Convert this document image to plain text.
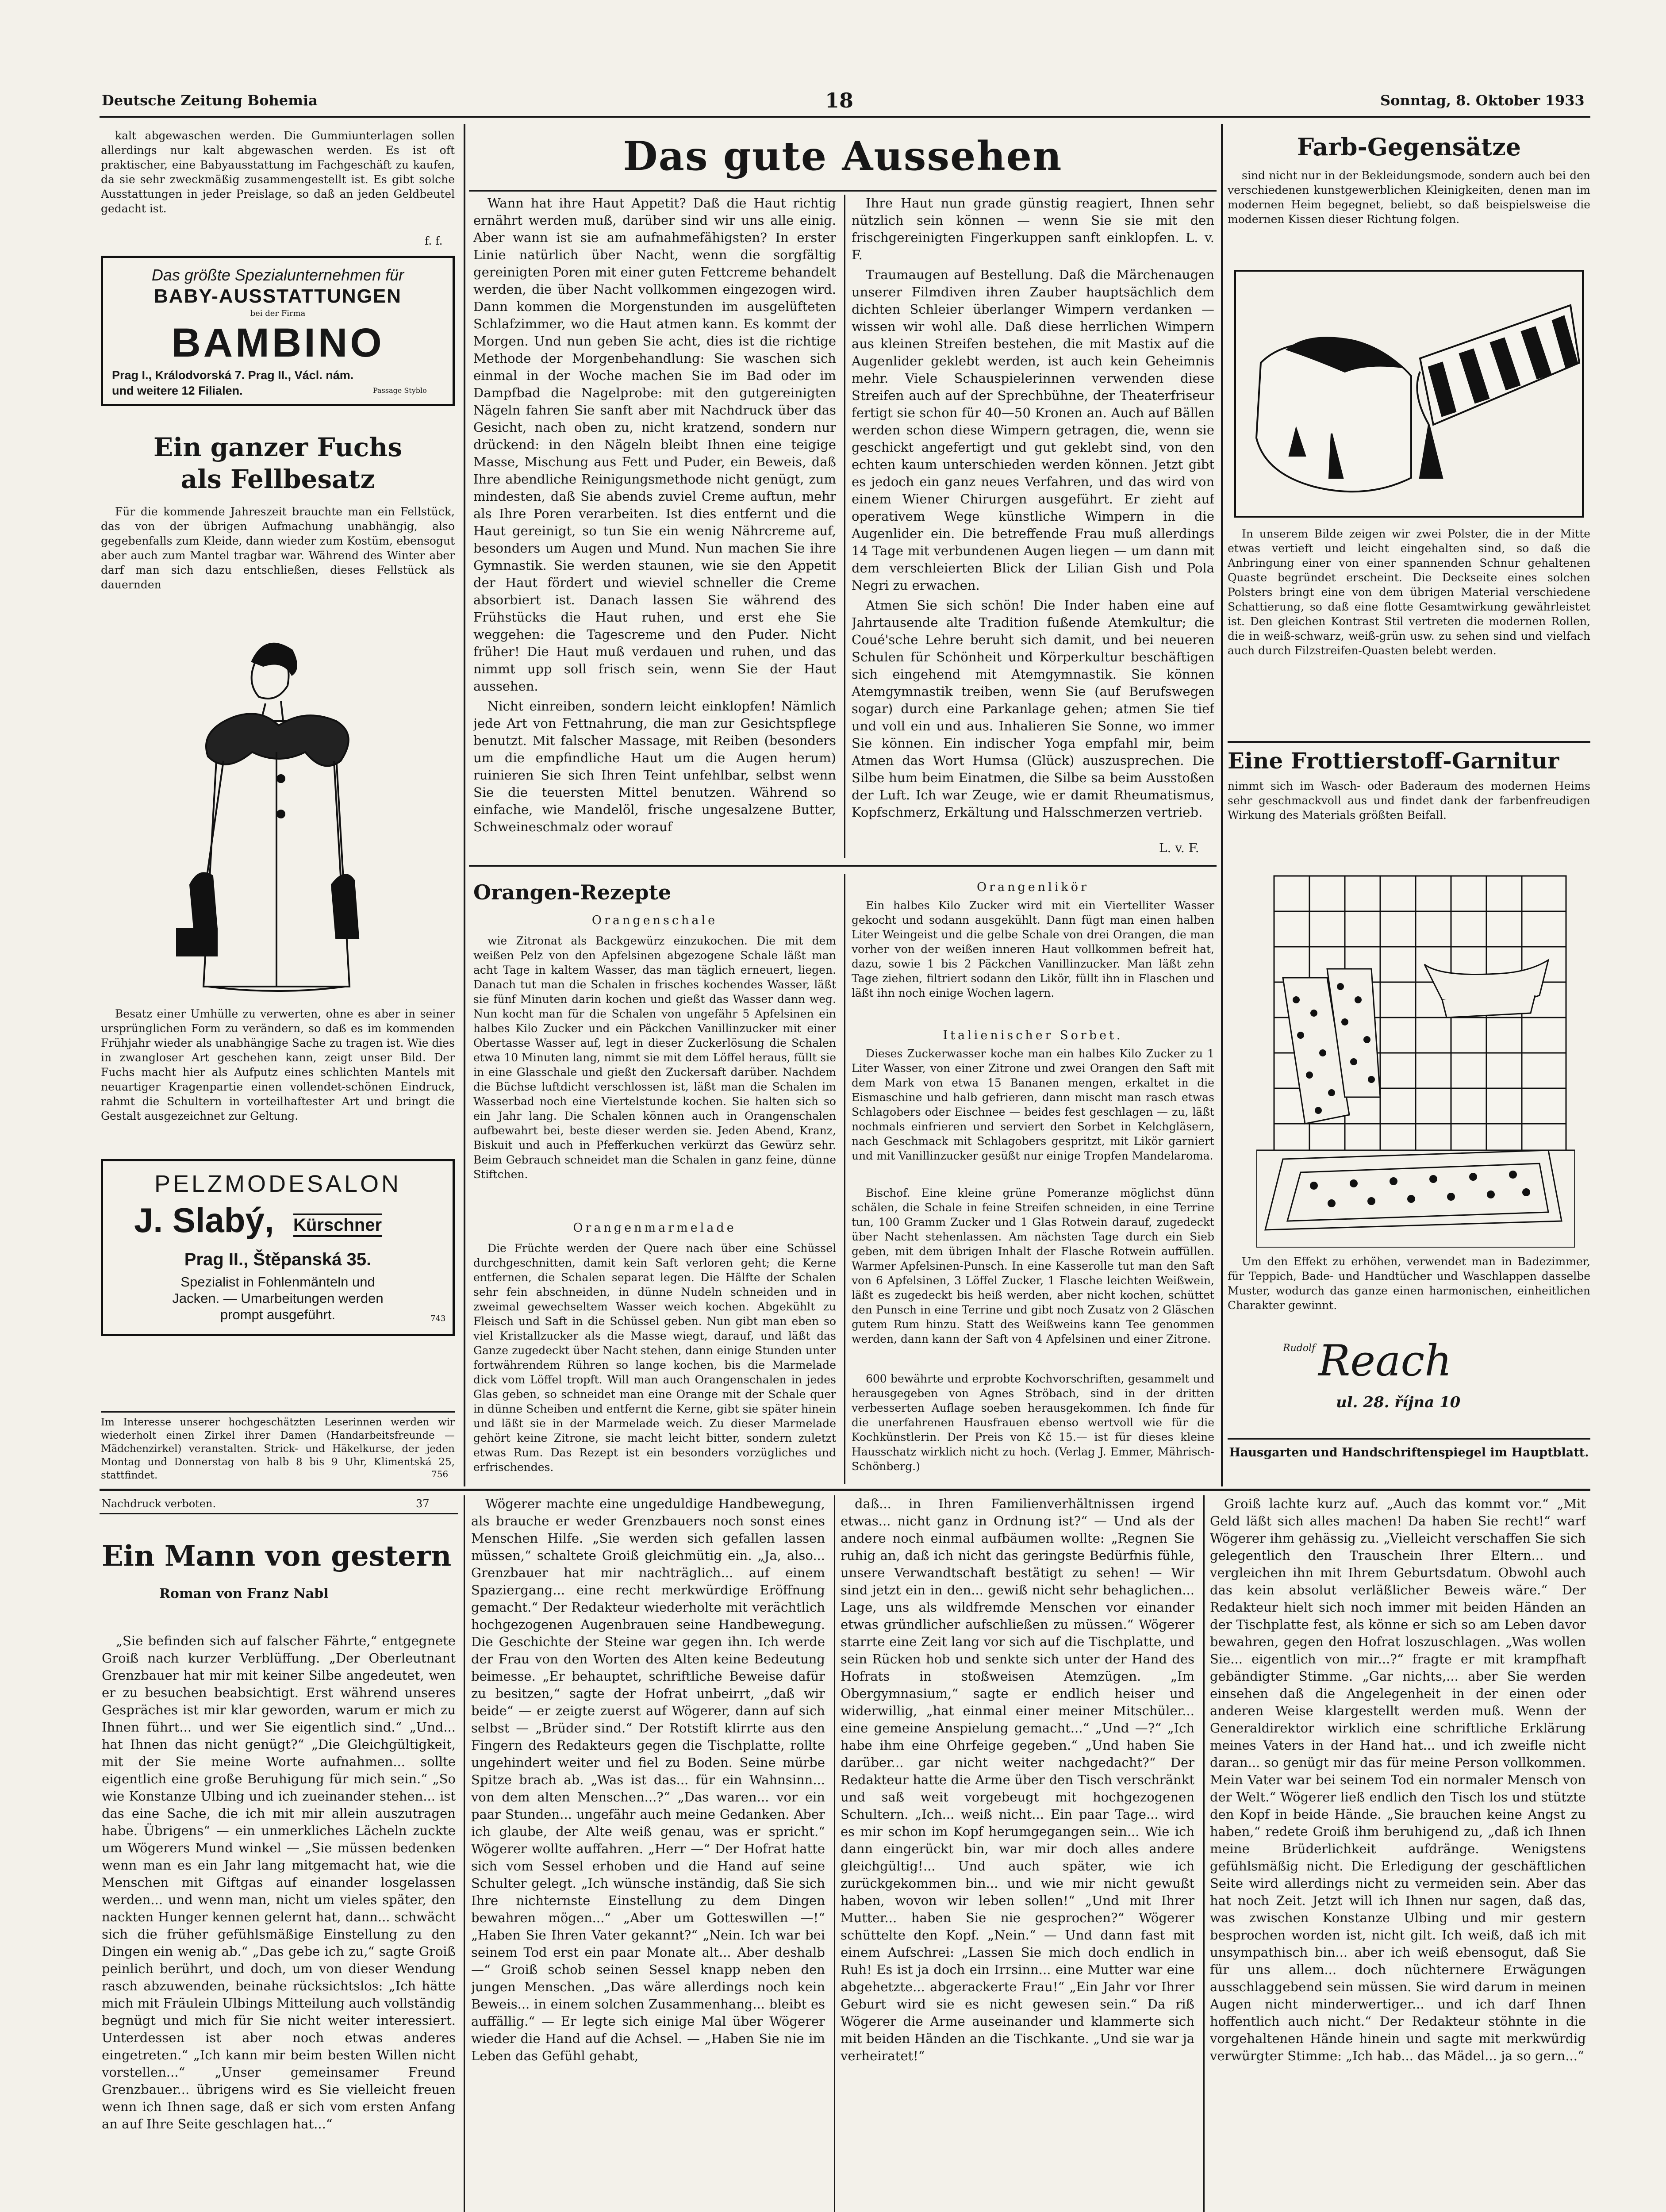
Deutsche Zeitung Bohemia	18	Sonntag, 8. Oktober 1933

kalt abgewaschen werden. Die Gummiunterlagen sollen allerdings nur kalt abgewaschen werden. Es ist oft praktischer, eine Babyausstattung im Fachgeschäft zu kaufen, da sie sehr zweckmäßig zusammengestellt ist. Es gibt solche Ausstattungen in jeder Preislage, so daß an jeden Geldbeutel gedacht ist.

f. f.
Das größte Spezialunternehmen für
BABY-AUSSTATTUNGEN
bei der Firma
BAMBINO
Prag I., Králodvorská 7. Prag II., Václ. nám.
und weitere 12 Filialen.	Passage Styblo
Ein ganzer Fuchs
als Fellbesatz

Für die kommende Jahreszeit brauchte man ein Fellstück, das von der übrigen Aufmachung unabhängig, also gegebenfalls zum Kleide, dann wieder zum Kostüm, ebensogut aber auch zum Mantel tragbar war. Während des Winter aber darf man sich dazu entschließen, dieses Fellstück als dauernden

Besatz einer Umhülle zu verwerten, ohne es aber in seiner ursprünglichen Form zu verändern, so daß es im kommenden Frühjahr wieder als unabhängige Sache zu tragen ist. Wie dies in zwangloser Art geschehen kann, zeigt unser Bild. Der Fuchs macht hier als Aufputz eines schlichten Mantels mit neuartiger Kragenpartie einen vollendet-schönen Eindruck, rahmt die Schultern in vorteilhaftester Art und bringt die Gestalt ausgezeichnet zur Geltung.

PELZMODESALON
J. Slabý, Kürschner
Prag II., Štěpanská 35.
Spezialist in Fohlenmänteln und
Jacken. — Umarbeitungen werden
prompt ausgeführt.	743

Im Interesse unserer hochgeschätzten Leserinnen werden wir wiederholt einen Zirkel ihrer Damen (Handarbeitsfreunde — Mädchenzirkel) veranstalten. Strick- und Häkelkurse, der jeden Montag und Donnerstag von halb 8 bis 9 Uhr, Klimentská 25, stattfindet.	756
Das gute Aussehen

Wann hat ihre Haut Appetit? Daß die Haut richtig ernährt werden muß, darüber sind wir uns alle einig. Aber wann ist sie am aufnahmefähigsten? In erster Linie natürlich über Nacht, wenn die sorgfältig gereinigten Poren mit einer guten Fettcreme behandelt werden, die über Nacht vollkommen eingezogen wird. Dann kommen die Morgenstunden im ausgelüfteten Schlafzimmer, wo die Haut atmen kann. Es kommt der Morgen. Und nun geben Sie acht, dies ist die richtige Methode der Morgenbehandlung: Sie waschen sich einmal in der Woche machen Sie im Bad oder im Dampfbad die Nagelprobe: mit den gutgereinigten Nägeln fahren Sie sanft aber mit Nachdruck über das Gesicht, nach oben zu, nicht kratzend, sondern nur drückend: in den Nägeln bleibt Ihnen eine teigige Masse, Mischung aus Fett und Puder, ein Beweis, daß Ihre abendliche Reinigungsmethode nicht genügt, zum mindesten, daß Sie abends zuviel Creme auftun, mehr als Ihre Poren verarbeiten. Ist dies entfernt und die Haut gereinigt, so tun Sie ein wenig Nährcreme auf, besonders um Augen und Mund. Nun machen Sie ihre Gymnastik. Sie werden staunen, wie sie den Appetit der Haut fördert und wieviel schneller die Creme absorbiert ist. Danach lassen Sie während des Frühstücks die Haut ruhen, und erst ehe Sie weggehen: die Tagescreme und den Puder. Nicht früher! Die Haut muß verdauen und ruhen, und das nimmt upp soll frisch sein, wenn Sie der Haut aussehen.

Nicht einreiben, sondern leicht einklopfen! Nämlich jede Art von Fettnahrung, die man zur Gesichtspflege benutzt. Mit falscher Massage, mit Reiben (besonders um die empfindliche Haut um die Augen herum) ruinieren Sie sich Ihren Teint unfehlbar, selbst wenn Sie die teuersten Mittel benutzen. Während so einfache, wie Mandelöl, frische ungesalzene Butter, Schweineschmalz oder worauf

Ihre Haut nun grade günstig reagiert, Ihnen sehr nützlich sein können — wenn Sie sie mit den frischgereinigten Fingerkuppen sanft einklopfen. L. v. F.

Traumaugen auf Bestellung. Daß die Märchenaugen unserer Filmdiven ihren Zauber hauptsächlich dem dichten Schleier überlanger Wimpern verdanken — wissen wir wohl alle. Daß diese herrlichen Wimpern aus kleinen Streifen bestehen, die mit Mastix auf die Augenlider geklebt werden, ist auch kein Geheimnis mehr. Viele Schauspielerinnen verwenden diese Streifen auch auf der Sprechbühne, der Theaterfriseur fertigt sie schon für 40—50 Kronen an. Auch auf Bällen werden schon diese Wimpern getragen, die, wenn sie geschickt angefertigt und gut geklebt sind, von den echten kaum unterschieden werden können. Jetzt gibt es jedoch ein ganz neues Verfahren, und das wird von einem Wiener Chirurgen ausgeführt. Er zieht auf operativem Wege künstliche Wimpern in die Augenlider ein. Die betreffende Frau muß allerdings 14 Tage mit verbundenen Augen liegen — um dann mit dem verschleierten Blick der Lilian Gish und Pola Negri zu erwachen.

Atmen Sie sich schön! Die Inder haben eine auf Jahrtausende alte Tradition fußende Atemkultur; die Coué'sche Lehre beruht sich damit, und bei neueren Schulen für Schönheit und Körperkultur beschäftigen sich eingehend mit Atemgymnastik. Sie können Atemgymnastik treiben, wenn Sie (auf Berufswegen sogar) durch eine Parkanlage gehen; atmen Sie tief und voll ein und aus. Inhalieren Sie Sonne, wo immer Sie können. Ein indischer Yoga empfahl mir, beim Atmen das Wort Humsa (Glück) auszusprechen. Die Silbe hum beim Einatmen, die Silbe sa beim Ausstoßen der Luft. Ich war Zeuge, wie er damit Rheumatismus, Kopfschmerz, Erkältung und Halsschmerzen vertrieb.

L. v. F.
Orangen-Rezepte
Orangenschale

wie Zitronat als Backgewürz einzukochen. Die mit dem weißen Pelz von den Apfelsinen abgezogene Schale läßt man acht Tage in kaltem Wasser, das man täglich erneuert, liegen. Danach tut man die Schalen in frisches kochendes Wasser, läßt sie fünf Minuten darin kochen und gießt das Wasser dann weg. Nun kocht man für die Schalen von ungefähr 5 Apfelsinen ein halbes Kilo Zucker und ein Päckchen Vanillinzucker mit einer Obertasse Wasser auf, legt in dieser Zuckerlösung die Schalen etwa 10 Minuten lang, nimmt sie mit dem Löffel heraus, füllt sie in eine Glasschale und gießt den Zuckersaft darüber. Nachdem die Büchse luftdicht verschlossen ist, läßt man die Schalen im Wasserbad noch eine Viertelstunde kochen. Sie halten sich so ein Jahr lang. Die Schalen können auch in Orangenschalen aufbewahrt bei, beste dieser werden sie. Jeden Abend, Kranz, Biskuit und auch in Pfefferkuchen verkürzt das Gewürz sehr. Beim Gebrauch schneidet man die Schalen in ganz feine, dünne Stiftchen.

Orangenmarmelade

Die Früchte werden der Quere nach über eine Schüssel durchgeschnitten, damit kein Saft verloren geht; die Kerne entfernen, die Schalen separat legen. Die Hälfte der Schalen sehr fein abschneiden, in dünne Nudeln schneiden und in zweimal gewechseltem Wasser weich kochen. Abgekühlt zu Fleisch und Saft in die Schüssel geben. Nun gibt man eben so viel Kristallzucker als die Masse wiegt, darauf, und läßt das Ganze zugedeckt über Nacht stehen, dann einige Stunden unter fortwährendem Rühren so lange kochen, bis die Marmelade dick vom Löffel tropft. Will man auch Orangenschalen in jedes Glas geben, so schneidet man eine Orange mit der Schale quer in dünne Scheiben und entfernt die Kerne, gibt sie später hinein und läßt sie in der Marmelade weich. Zu dieser Marmelade gehört keine Zitrone, sie macht leicht bitter, sondern zuletzt etwas Rum. Das Rezept ist ein besonders vorzügliches und erfrischendes.

Orangenlikör

Ein halbes Kilo Zucker wird mit ein Viertelliter Wasser gekocht und sodann ausgekühlt. Dann fügt man einen halben Liter Weingeist und die gelbe Schale von drei Orangen, die man vorher von der weißen inneren Haut vollkommen befreit hat, dazu, sowie 1 bis 2 Päckchen Vanillinzucker. Man läßt zehn Tage ziehen, filtriert sodann den Likör, füllt ihn in Flaschen und läßt ihn noch einige Wochen lagern.

Italienischer Sorbet.

Dieses Zuckerwasser koche man ein halbes Kilo Zucker zu 1 Liter Wasser, von einer Zitrone und zwei Orangen den Saft mit dem Mark von etwa 15 Bananen mengen, erkaltet in die Eismaschine und halb gefrieren, dann mischt man rasch etwas Schlagobers oder Eischnee — beides fest geschlagen — zu, läßt nochmals einfrieren und serviert den Sorbet in Kelchgläsern, nach Geschmack mit Schlagobers gespritzt, mit Likör garniert und mit Vanillinzucker gesüßt nur einige Tropfen Mandelaroma.

Bischof. Eine kleine grüne Pomeranze möglichst dünn schälen, die Schale in feine Streifen schneiden, in eine Terrine tun, 100 Gramm Zucker und 1 Glas Rotwein darauf, zugedeckt über Nacht stehenlassen. Am nächsten Tage durch ein Sieb geben, mit dem übrigen Inhalt der Flasche Rotwein auffüllen. Warmer Apfelsinen-Punsch. In eine Kasserolle tut man den Saft von 6 Apfelsinen, 3 Löffel Zucker, 1 Flasche leichten Weißwein, läßt es zugedeckt bis heiß werden, aber nicht kochen, schüttet den Punsch in eine Terrine und gibt noch Zusatz von 2 Gläschen gutem Rum hinzu. Statt des Weißweins kann Tee genommen werden, dann kann der Saft von 4 Apfelsinen und einer Zitrone.

600 bewährte und erprobte Kochvorschriften, gesammelt und herausgegeben von Agnes Ströbach, sind in der dritten verbesserten Auflage soeben herausgekommen. Ich finde für die unerfahrenen Hausfrauen ebenso wertvoll wie für die Kochkünstlerin. Der Preis von Kč 15.— ist für dieses kleine Hausschatz wirklich nicht zu hoch. (Verlag J. Emmer, Mährisch-Schönberg.)

Farb-Gegensätze

sind nicht nur in der Bekleidungsmode, sondern auch bei den verschiedenen kunstgewerblichen Kleinigkeiten, denen man im modernen Heim begegnet, beliebt, so daß beispielsweise die modernen Kissen dieser Richtung folgen.

In unserem Bilde zeigen wir zwei Polster, die in der Mitte etwas vertieft und leicht eingehalten sind, so daß die Anbringung einer von einer spannenden Schnur gehaltenen Quaste begründet erscheint. Die Deckseite eines solchen Polsters bringt eine von dem übrigen Material verschiedene Schattierung, so daß eine flotte Gesamtwirkung gewährleistet ist. Den gleichen Kontrast Stil vertreten die modernen Rollen, die in weiß-schwarz, weiß-grün usw. zu sehen sind und vielfach auch durch Filzstreifen-Quasten belebt werden.

Eine Frottierstoff-Garnitur

nimmt sich im Wasch- oder Baderaum des modernen Heims sehr geschmackvoll aus und findet dank der farbenfreudigen Wirkung des Materials größten Beifall.

Um den Effekt zu erhöhen, verwendet man in Badezimmer, für Teppich, Bade- und Handtücher und Waschlappen dasselbe Muster, wodurch das ganze einen harmonischen, einheitlichen Charakter gewinnt.

Rudolf Reach
ul. 28. října 10
Hausgarten und Handschriftenspiegel im Hauptblatt.
Nachdruck verboten.	37
Ein Mann von gestern
Roman von Franz Nabl

„Sie befinden sich auf falscher Fährte,“ entgegnete Groiß nach kurzer Verblüffung. „Der Oberleutnant Grenzbauer hat mir mit keiner Silbe angedeutet, wen er zu besuchen beabsichtigt. Erst während unseres Gespräches ist mir klar geworden, warum er mich zu Ihnen führt... und wer Sie eigentlich sind.“ „Und... hat Ihnen das nicht genügt?“ „Die Gleichgültigkeit, mit der Sie meine Worte aufnahmen... sollte eigentlich eine große Beruhigung für mich sein.“ „So wie Konstanze Ulbing und ich zueinander stehen... ist das eine Sache, die ich mit mir allein auszutragen habe. Übrigens“ — ein unmerkliches Lächeln zuckte um Wögerers Mund winkel — „Sie müssen bedenken wenn man es ein Jahr lang mitgemacht hat, wie die Menschen mit Giftgas auf einander losgelassen werden... und wenn man, nicht um vieles später, den nackten Hunger kennen gelernt hat, dann... schwächt sich die früher gefühlsmäßige Einstellung zu den Dingen ein wenig ab.“ „Das gebe ich zu,“ sagte Groiß peinlich berührt, und doch, um von dieser Wendung rasch abzuwenden, beinahe rücksichtslos: „Ich hätte mich mit Fräulein Ulbings Mitteilung auch vollständig begnügt und mich für Sie nicht weiter interessiert. Unterdessen ist aber noch etwas anderes eingetreten.“ „Ich kann mir beim besten Willen nicht vorstellen...“ „Unser gemeinsamer Freund Grenzbauer... übrigens wird es Sie vielleicht freuen wenn ich Ihnen sage, daß er sich vom ersten Anfang an auf Ihre Seite geschlagen hat...“

Wögerer machte eine ungeduldige Handbewegung, als brauche er weder Grenzbauers noch sonst eines Menschen Hilfe. „Sie werden sich gefallen lassen müssen,“ schaltete Groiß gleichmütig ein. „Ja, also... Grenzbauer hat mir nachträglich... auf einem Spaziergang... eine recht merkwürdige Eröffnung gemacht.“ Der Redakteur wiederholte mit verächtlich hochgezogenen Augenbrauen seine Handbewegung. Die Geschichte der Steine war gegen ihn. Ich werde der Frau von den Worten des Alten keine Bedeutung beimesse. „Er behauptet, schriftliche Beweise dafür zu besitzen,“ sagte der Hofrat unbeirrt, „daß wir beide“ — er zeigte zuerst auf Wögerer, dann auf sich selbst — „Brüder sind.“ Der Rotstift klirrte aus den Fingern des Redakteurs gegen die Tischplatte, rollte ungehindert weiter und fiel zu Boden. Seine mürbe Spitze brach ab. „Was ist das... für ein Wahnsinn... von dem alten Menschen...?“ „Das waren... vor ein paar Stunden... ungefähr auch meine Gedanken. Aber ich glaube, der Alte weiß genau, was er spricht.“ Wögerer wollte auffahren. „Herr —“ Der Hofrat hatte sich vom Sessel erhoben und die Hand auf seine Schulter gelegt. „Ich wünsche inständig, daß Sie sich Ihre nichternste Einstellung zu dem Dingen bewahren mögen...“ „Aber um Gotteswillen —!“ „Haben Sie Ihren Vater gekannt?“ „Nein. Ich war bei seinem Tod erst ein paar Monate alt... Aber deshalb —“ Groiß schob seinen Sessel knapp neben den jungen Menschen. „Das wäre allerdings noch kein Beweis... in einem solchen Zusammenhang... bleibt es auffällig.“ — Er legte sich einige Mal über Wögerer wieder die Hand auf die Achsel. — „Haben Sie nie im Leben das Gefühl gehabt,

daß... in Ihren Familienverhältnissen irgend etwas... nicht ganz in Ordnung ist?“ — Und als der andere noch einmal aufbäumen wollte: „Regnen Sie ruhig an, daß ich nicht das geringste Bedürfnis fühle, unsere Verwandtschaft bestätigt zu sehen! — Wir sind jetzt ein in den... gewiß nicht sehr behaglichen... Lage, uns als wildfremde Menschen vor einander etwas gründlicher aufschließen zu müssen.“ Wögerer starrte eine Zeit lang vor sich auf die Tischplatte, und sein Rücken hob und senkte sich unter der Hand des Hofrats in stoßweisen Atemzügen. „Im Obergymnasium,“ sagte er endlich heiser und widerwillig, „hat einmal einer meiner Mitschüler... eine gemeine Anspielung gemacht...“ „Und —?“ „Ich habe ihm eine Ohrfeige gegeben.“ „Und haben Sie darüber... gar nicht weiter nachgedacht?“ Der Redakteur hatte die Arme über den Tisch verschränkt und saß weit vorgebeugt mit hochgezogenen Schultern. „Ich... weiß nicht... Ein paar Tage... wird es mir schon im Kopf herumgegangen sein... Wie ich dann eingerückt bin, war mir doch alles andere gleichgültig!... Und auch später, wie ich zurückgekommen bin... und wie mir nicht gewußt haben, wovon wir leben sollen!“ „Und mit Ihrer Mutter... haben Sie nie gesprochen?“ Wögerer schüttelte den Kopf. „Nein.“ — Und dann fast mit einem Aufschrei: „Lassen Sie mich doch endlich in Ruh! Es ist ja doch ein Irrsinn... eine Mutter war eine abgehetzte... abgerackerte Frau!“ „Ein Jahr vor Ihrer Geburt wird sie es nicht gewesen sein.“ Da riß Wögerer die Arme auseinander und klammerte sich mit beiden Händen an die Tischkante. „Und sie war ja verheiratet!“

Groiß lachte kurz auf. „Auch das kommt vor.“ „Mit Geld läßt sich alles machen! Da haben Sie recht!“ warf Wögerer ihm gehässig zu. „Vielleicht verschaffen Sie sich gelegentlich den Trauschein Ihrer Eltern... und vergleichen ihn mit Ihrem Geburtsdatum. Obwohl auch das kein absolut verläßlicher Beweis wäre.“ Der Redakteur hielt sich noch immer mit beiden Händen an der Tischplatte fest, als könne er sich so am Leben davor bewahren, gegen den Hofrat loszuschlagen. „Was wollen Sie... eigentlich von mir...?“ fragte er mit krampfhaft gebändigter Stimme. „Gar nichts,... aber Sie werden einsehen daß die Angelegenheit in der einen oder anderen Weise klargestellt werden muß. Wenn der Generaldirektor wirklich eine schriftliche Erklärung meines Vaters in der Hand hat... und ich zweifle nicht daran... so genügt mir das für meine Person vollkommen. Mein Vater war bei seinem Tod ein normaler Mensch von der Welt.“ Wögerer ließ endlich den Tisch los und stützte den Kopf in beide Hände. „Sie brauchen keine Angst zu haben,“ redete Groiß ihm beruhigend zu, „daß ich Ihnen meine Brüderlichkeit aufdränge. Wenigstens gefühlsmäßig nicht. Die Erledigung der geschäftlichen Seite wird allerdings nicht zu vermeiden sein. Aber das hat noch Zeit. Jetzt will ich Ihnen nur sagen, daß das, was zwischen Konstanze Ulbing und mir gestern besprochen worden ist, nicht gilt. Ich weiß, daß ich mit unsympathisch bin... aber ich weiß ebensogut, daß Sie für uns allem... doch nüchternere Erwägungen ausschlaggebend sein müssen. Sie wird darum in meinen Augen nicht minderwertiger... und ich darf Ihnen hoffentlich auch nicht.“ Der Redakteur stöhnte in die vorgehaltenen Hände hinein und sagte mit merkwürdig verwürgter Stimme: „Ich hab... das Mädel... ja so gern...“
